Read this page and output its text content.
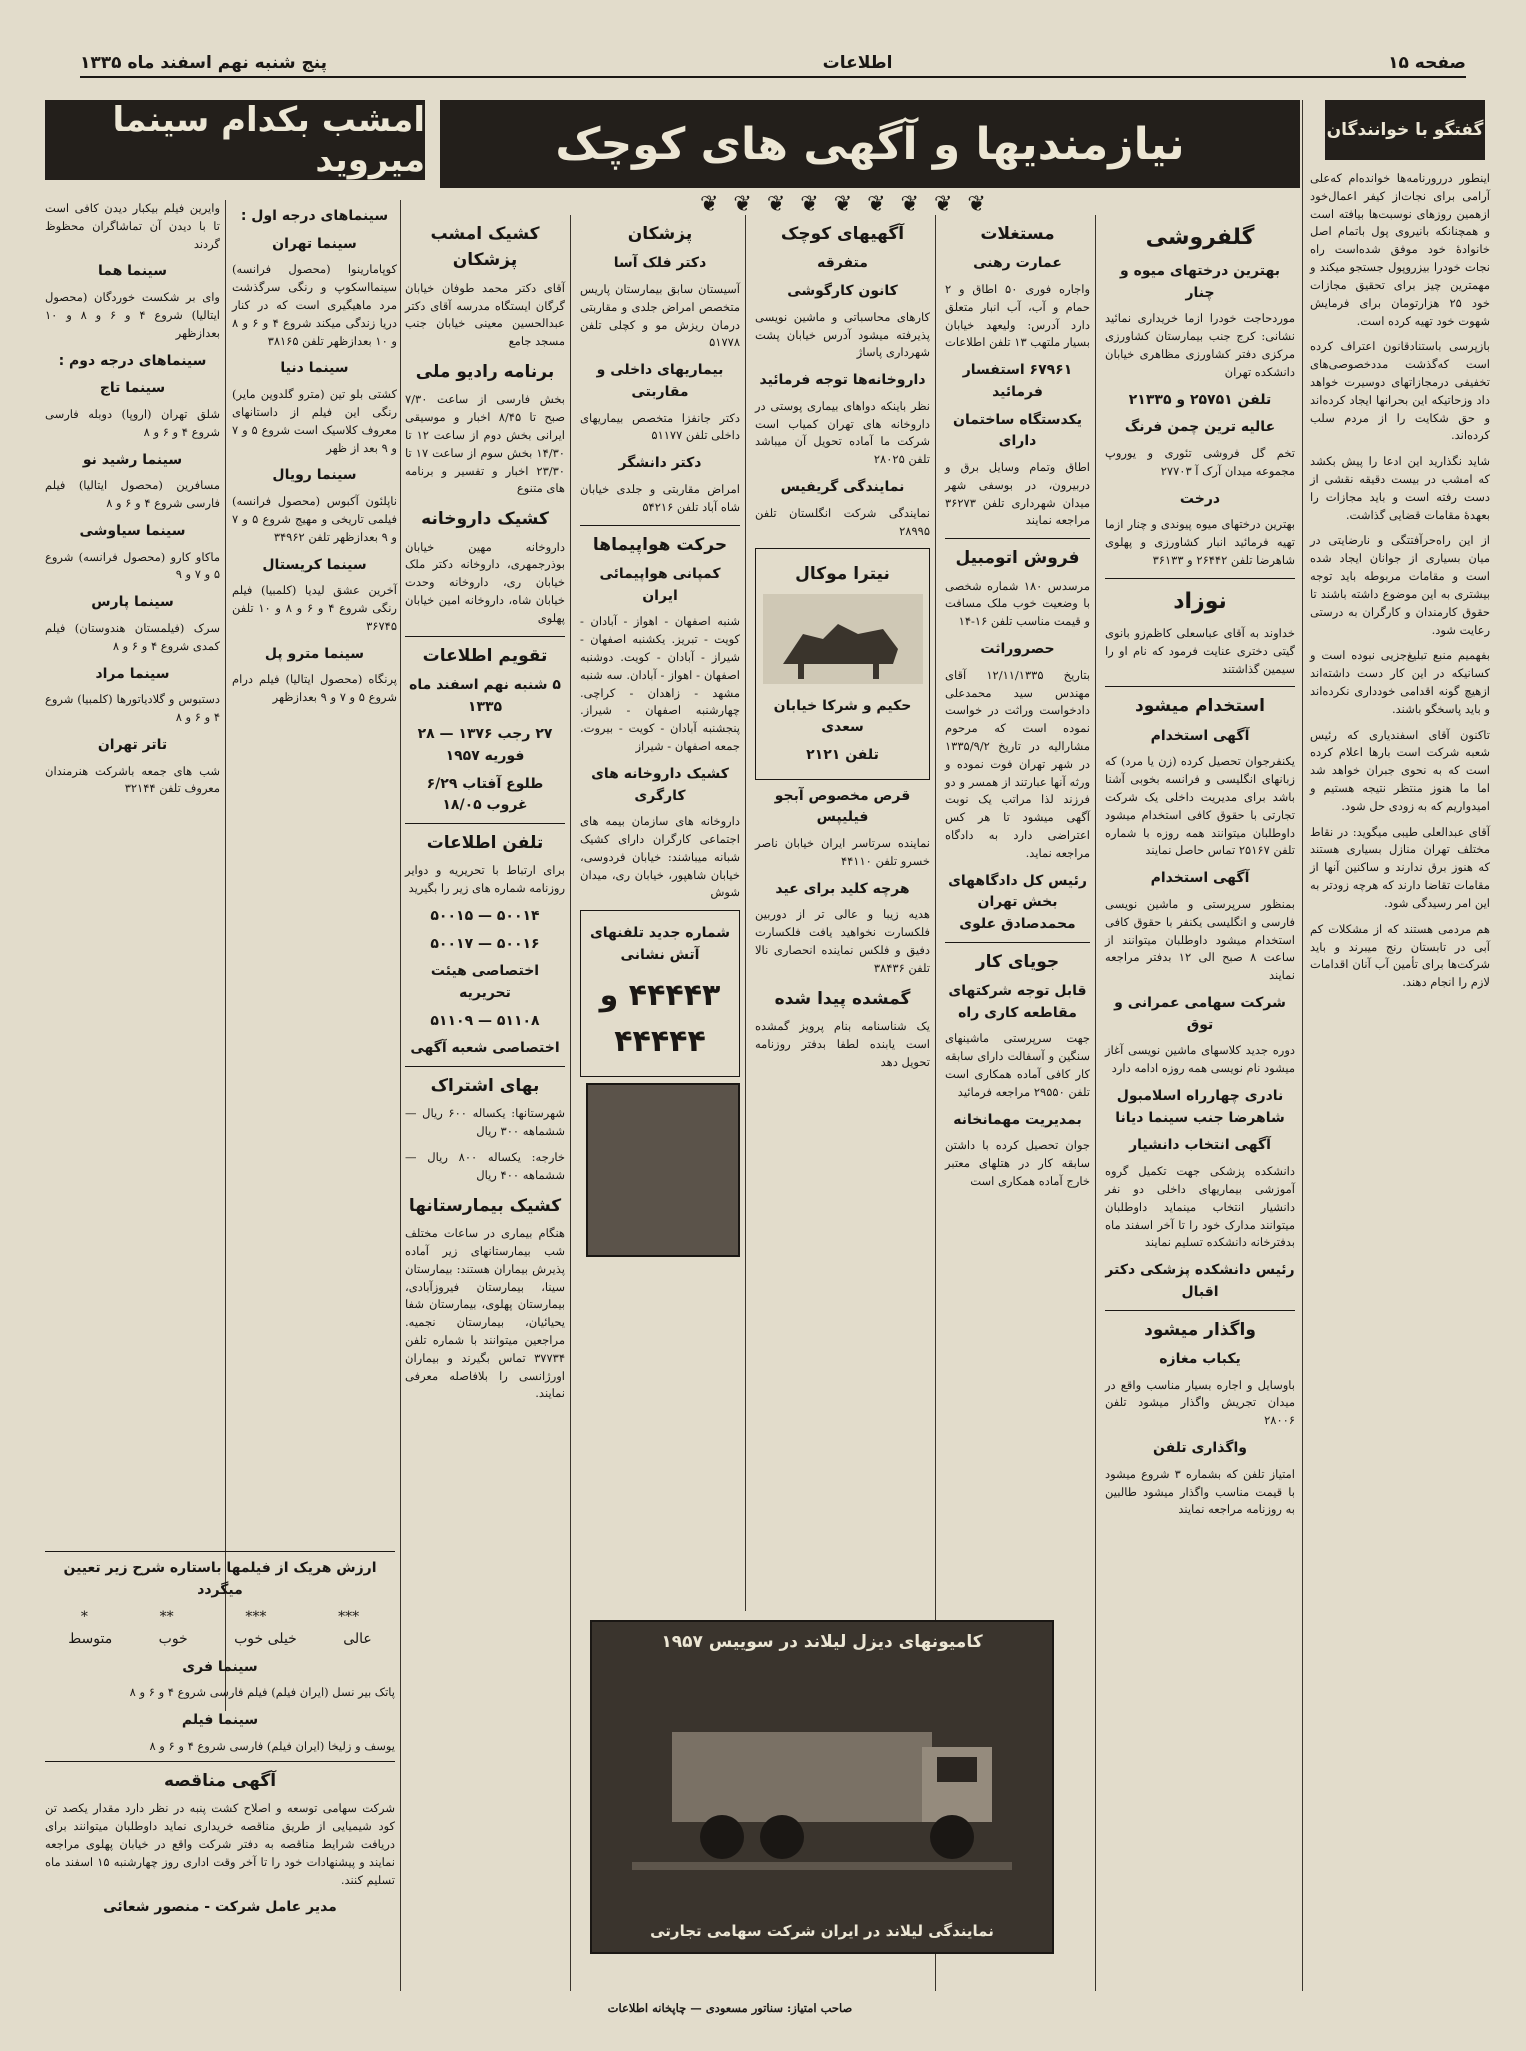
صفحه ۱۵
اطلاعات
پنج شنبه نهم اسفند ماه ۱۳۳۵
نیازمندیها و آگهی های کوچک
❦ ❦ ❦ ❦ ❦ ❦ ❦ ❦ ❦
امشب بکدام سینما میروید
گفتگو با خوانندگان

اینطور دررورنامه‌ها خوانده‌ام که‌علی آرامی برای نجات‌از کیفر اعمال‌خود ازهمین روزهای نوسبت‌ها بیافته است و همچنانکه بانیروی پول باتمام اصل خانوادهٔ خود موفق شده‌است راه نجات خودرا بیزروپول جستجو میکند و مهمترین چیز برای تحقیق مجازات خود ۲۵ هزارتومان برای فرمایش شهوت خود تهیه کرده است.

بازپرسی باستنادقانون اعتراف کرده است که‌گذشت مددخصوصی‌های تخفیفی درمجازاتهای دوسیرت خواهد داد وزحاتیکه این بحرانها ایجاد کرده‌اند و حق شکایت را از مردم سلب کرده‌اند.

شاید نگذارید این ادعا را پیش بکشد که امشب در بیست دقیقه نقشی از دست رفته است و باید مجازات را بعهدهٔ مقامات قضایی گذاشت.

از این راه‌حرآفتتگی و نارضایتی در میان بسیاری از جوانان ایجاد شده است و مقامات مربوطه باید توجه بیشتری به این موضوع داشته باشند تا حقوق کارمندان و کارگران به درستی رعایت شود.

بفهمیم منبع تبلیغ‌جزیی‌ نبوده است و کسانیکه در این کار دست داشته‌اند ازهیچ گونه اقدامی‌ خودداری نکرده‌اند و باید پاسخگو باشند.

تاکنون آقای اسفندیاری که رئیس‌ شعبه‌ شرکت است بارها اعلام کرده است که به نحوی جبران خواهد شد اما ما هنوز منتظر نتیجه هستیم و امیدواریم که به زودی حل شود.

آقای عبدالعلی طیبی میگوید: در نقاط مختلف تهران منازل بسیاری هستند که هنوز برق ندارند و ساکنین آنها از مقامات تقاضا دارند که هرچه زودتر به این امر رسیدگی شود.

هم مردمی هستند که از مشکلات کم آبی در تابستان رنج میبرند و باید شرکت‌ها برای تأمین آب آنان اقدامات لازم را انجام دهند.

گلفروشی
بهترین درختهای میوه و چنار

موردحاجت خودرا ازما خریداری نمائید نشانی: کرج جنب بیمارستان کشاورزی مرکزی دفتر کشاورزی مظاهری خیابان دانشکده تهران

تلفن ۲۵۷۵۱ و ۲۱۳۳۵
عالیه ترین چمن فرنگ

تخم گل فروشی تئوری و یوروپ مجموعه میدان آرک آ ۲۷۷۰۳

درخت

بهترین درختهای میوه پیوندی و چنار ازما تهیه فرمائید انبار کشاورزی و پهلوی شاهرضا تلفن ۲۶۴۴۲ و ۳۶۱۳۳

نوزاد

خداوند به آقای عباسعلی کاظم‌زو بانوی گیتی دختری عنایت فرمود که نام او را سیمین گذاشتند

استخدام میشود
آگهی استخدام

یکنفرجوان تحصیل کرده (زن یا مرد) که زبانهای انگلیسی و فرانسه بخوبی آشنا باشد برای مدیریت داخلی یک شرکت تجارتی با حقوق کافی استخدام میشود داوطلبان میتوانند همه روزه با شماره تلفن ۲۵۱۶۷ تماس حاصل نمایند

آگهی استخدام

بمنظور سرپرستی و ماشین نویسی فارسی و انگلیسی یکنفر با حقوق کافی استخدام میشود داوطلبان میتوانند از ساعت ۸ صبح الی ۱۲ بدفتر مراجعه نمایند

شرکت سهامی عمرانی و توق

دوره جدید کلاسهای ماشین نویسی آغاز میشود نام نویسی همه روزه ادامه دارد

نادری چهارراه اسلامبول شاهرضا جنب سینما دیانا
آگهی انتخاب دانشیار

دانشکده پزشکی جهت تکمیل گروه آموزشی بیماریهای داخلی دو نفر دانشیار انتخاب مینماید داوطلبان میتوانند مدارک خود را تا آخر اسفند ماه بدفترخانه دانشکده تسلیم نمایند

رئیس دانشکده پزشکی دکتر اقبال
واگذار میشود
یکباب مغازه

باوسایل و اجاره بسیار مناسب واقع در میدان تجریش واگذار میشود تلفن ۲۸۰۰۶

واگذاری تلفن

امتیاز تلفن که بشماره ۳ شروع میشود با قیمت مناسب واگذار میشود طالبین به روزنامه مراجعه نمایند

مستغلات
عمارت رهنی

واجاره فوری ۵۰ اطاق و ۲ حمام و آب، آب انبار متعلق دارد آدرس: ولیعهد خیابان بسیار ملتهب ۱۳ تلفن اطلاعات

۶۷۹۶۱ استفسار فرمائید
یکدستگاه ساختمان دارای

اطاق وتمام وسایل برق و دربیرون، در بوسفی شهر میدان شهرداری تلفن ۳۶۲۷۳ مراجعه نمایند

فروش اتومبیل

مرسدس ۱۸۰ شماره شخصی با وضعیت خوب ملک مسافت و قیمت مناسب تلفن ۱۶-۱۴

حصروراثت

بتاریخ ۱۲/۱۱/۱۳۳۵ آقای مهندس سید محمدعلی دادخواست وراثت در خواست نموده است که مرحوم مشارالیه در تاریخ ۱۳۳۵/۹/۲ در شهر تهران فوت نموده و ورثه آنها عبارتند از همسر و دو فرزند لذا مراتب یک نوبت آگهی میشود تا هر کس اعتراضی دارد به دادگاه مراجعه نماید.

رئیس کل دادگاههای بخش تهران محمدصادق علوی
جویای کار
قابل توجه شرکتهای مقاطعه کاری راه

جهت سرپرستی ماشینهای سنگین و آسفالت دارای سابقه کار کافی آماده همکاری است تلفن ۲۹۵۵۰ مراجعه فرمائید

بمدیریت مهمانخانه

جوان تحصیل کرده با داشتن سابقه کار در هتلهای معتبر خارج آماده همکاری است

آگهیهای کوچک
متفرقه
کانون کارگوشی

کارهای محاسباتی و ماشین نویسی پذیرفته میشود آدرس خیابان پشت شهرداری پاساژ

داروخانه‌ها توجه فرمائید

نظر باینکه دواهای بیماری پوستی در داروخانه های تهران کمیاب است شرکت ما آماده تحویل آن میباشد تلفن ۲۸۰۲۵

نمایندگی گریفیس

نمایندگی شرکت انگلستان تلفن ۲۸۹۹۵

نیترا موکال
حکیم و شرکا خیابان سعدی
تلفن ۲۱۲۱
قرص مخصوص آبجو فیلیپس

نماینده سرتاسر ایران خیابان ناصر خسرو تلفن ۴۴۱۱۰

هرچه کلید برای عید

هدیه زیبا و عالی تر از دوربین فلکسارت نخواهید یافت فلکسارت دفیق و فلکس نماینده انحصاری نالا تلفن ۳۸۴۳۶

گمشده پیدا شده

یک شناسنامه بنام پرویز گمشده است یابنده لطفا بدفتر روزنامه تحویل دهد

پزشکان
دکتر فلک آسا

آسیستان سابق بیمارستان پاریس متخصص امراض جلدی و مقاربتی درمان ریزش مو و کچلی تلفن ۵۱۷۷۸

بیماریهای داخلی و مقاربتی

دکتر جانفزا متخصص بیماریهای داخلی تلفن ۵۱۱۷۷

دکتر دانشگر

امراض مقاربتی و جلدی خیابان شاه آباد تلفن ۵۴۲۱۶

حرکت هواپیماها
کمپانی هواپیمائی ایران

شنبه اصفهان - اهواز - آبادان - کویت - تبریز. یکشنبه اصفهان - شیراز - آبادان - کویت. دوشنبه اصفهان - اهواز - آبادان. سه شنبه مشهد - زاهدان - کراچی. چهارشنبه اصفهان - شیراز. پنجشنبه آبادان - کویت - بیروت. جمعه اصفهان - شیراز

کشیک داروخانه های کارگری

داروخانه های سازمان بیمه های اجتماعی کارگران دارای کشیک شبانه میباشند: خیابان فردوسی، خیابان شاهپور، خیابان ری، میدان شوش

شماره جدید تلفنهای آتش نشانی
۴۴۴۴۳ و ۴۴۴۴۴
کشیک امشب پزشکان

آقای دکتر محمد طوفان خیابان گرگان ایستگاه مدرسه آقای دکتر عبدالحسین معینی خیابان جنب مسجد جامع

برنامه رادیو ملی

بخش فارسی از ساعت ۷/۳۰ صبح تا ۸/۴۵ اخبار و موسیقی ایرانی بخش دوم از ساعت ۱۲ تا ۱۴/۳۰ بخش سوم از ساعت ۱۷ تا ۲۳/۳۰ اخبار و تفسیر و برنامه های متنوع

کشیک داروخانه

داروخانه مهین خیابان بوذرجمهری، داروخانه دکتر ملک خیابان ری، داروخانه وحدت خیابان شاه، داروخانه امین خیابان پهلوی

تقویم اطلاعات
۵ شنبه نهم اسفند ماه ۱۳۳۵
۲۷ رجب ۱۳۷۶ — ۲۸ فوریه ۱۹۵۷
طلوع آفتاب ۶/۲۹ غروب ۱۸/۰۵
تلفن اطلاعات

برای ارتباط با تحریریه و دوایر روزنامه شماره های زیر را بگیرید

۵۰۰۱۴ — ۵۰۰۱۵
۵۰۰۱۶ — ۵۰۰۱۷
اختصاصی هیئت تحریریه
۵۱۱۰۸ — ۵۱۱۰۹
اختصاصی شعبه آگهی
بهای اشتراک

شهرستانها: یکساله ۶۰۰ ریال — ششماهه ۳۰۰ ریال

خارجه: یکساله ۸۰۰ ریال — ششماهه ۴۰۰ ریال

کشیک بیمارستانها

هنگام بیماری در ساعات مختلف شب بیمارستانهای زیر آماده پذیرش بیماران هستند: بیمارستان سینا، بیمارستان فیروزآبادی، بیمارستان پهلوی، بیمارستان شفا یحیائیان، بیمارستان نجمیه. مراجعین میتوانند با شماره تلفن ۳۷۷۳۴ تماس بگیرند و بیماران اورژانسی را بلافاصله معرفی نمایند.

سینماهای درجه اول :
سینما تهران

کوپامارینوا (محصول فرانسه) سینمااسکوپ و رنگی سرگذشت مرد ماهیگیری است که در کنار دریا زندگی میکند شروع ۴ و ۶ و ۸ و ۱۰ بعدازظهر تلفن ۳۸۱۶۵

سینما دنیا

کشتی بلو تین (مترو گلدوین مایر) رنگی این فیلم از داستانهای معروف کلاسیک است شروع ۵ و ۷ و ۹ بعد از ظهر

سینما رویال

ناپلئون آکبوس (محصول فرانسه) فیلمی تاریخی و مهیج شروع ۵ و ۷ و ۹ بعدازظهر تلفن ۳۴۹۶۲

سینما کریستال

آخرین عشق لیدیا (کلمبیا) فیلم رنگی شروع ۴ و ۶ و ۸ و ۱۰ تلفن ۳۶۷۴۵

سینما مترو پل

پرنگاه (محصول ایتالیا) فیلم درام شروع ۵ و ۷ و ۹ بعدازظهر

وایرین فیلم بیکبار دیدن کافی است تا با دیدن آن تماشاگران محظوظ گردند

سینما هما

وای بر شکست خوردگان (محصول ایتالیا) شروع ۴ و ۶ و ۸ و ۱۰ بعدازظهر

سینماهای درجه دوم :
سینما تاج

شلق تهران (اروپا) دوبله فارسی شروع ۴ و ۶ و ۸

سینما رشید نو

مسافرین (محصول ایتالیا) فیلم فارسی شروع ۴ و ۶ و ۸

سینما سیاوشی

ماکاو کارو (محصول فرانسه) شروع ۵ و ۷ و ۹

سینما پارس

سرک (فیلمستان هندوستان) فیلم کمدی شروع ۴ و ۶ و ۸

سینما مراد

دستبوس و گلادیاتورها (کلمبیا) شروع ۴ و ۶ و ۸

تاتر تهران

شب های جمعه باشرکت هنرمندان معروف تلفن ۳۲۱۴۴

ارزش هریک از فیلمها باستاره شرح زیر تعیین میگردد
***
***
**
*
عالی
خیلی خوب
خوب
متوسط
سینما فری

پاتک بیر نسل (ایران فیلم) فیلم فارسی شروع ۴ و ۶ و ۸

سینما فیلم

یوسف و زلیخا (ایران فیلم) فارسی شروع ۴ و ۶ و ۸

آگهی مناقصه

شرکت سهامی توسعه و اصلاح کشت پنبه در نظر دارد مقدار یکصد تن کود شیمیایی از طریق مناقصه خریداری نماید داوطلبان میتوانند برای دریافت شرایط مناقصه به دفتر شرکت واقع در خیابان پهلوی مراجعه نمایند و پیشنهادات خود را تا آخر وقت اداری روز چهارشنبه ۱۵ اسفند ماه تسلیم کنند.

مدیر عامل شرکت - منصور شعائی
کامیونهای دیزل لیلاند در سوییس ۱۹۵۷
نمایندگی لیلاند در ایران شرکت سهامی تجارتی
صاحب امتیاز: سناتور مسعودی — چاپخانه اطلاعات
